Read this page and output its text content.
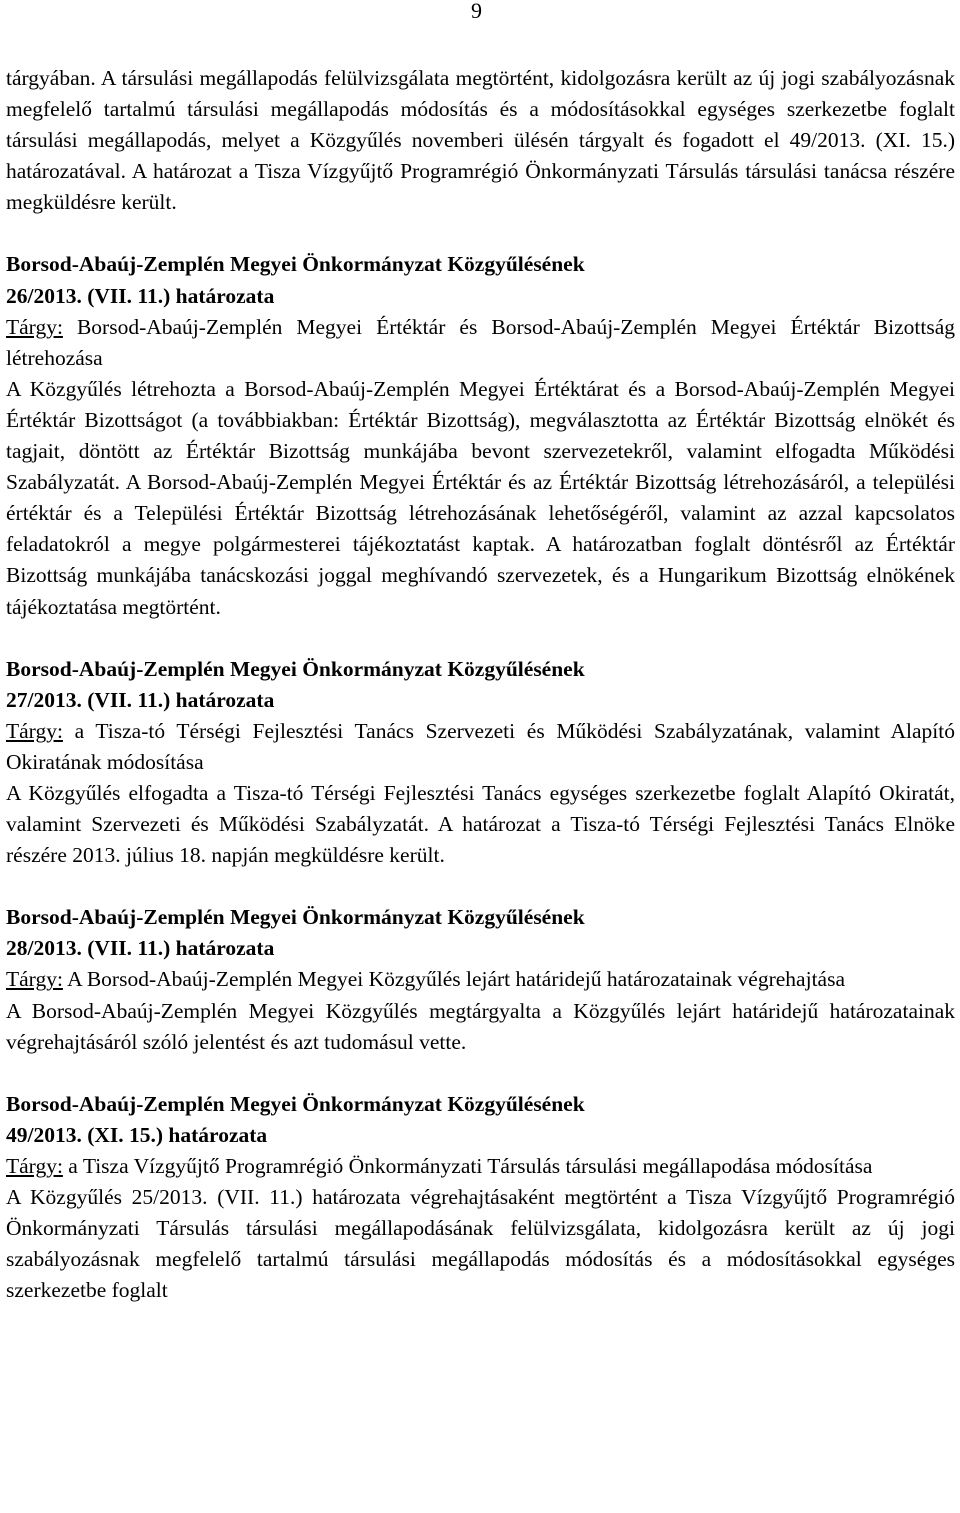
9

tárgyában. A társulási megállapodás felülvizsgálata megtörtént, kidolgozásra került az új jogi szabályozásnak megfelelő tartalmú társulási megállapodás módosítás és a módosításokkal egységes szerkezetbe foglalt társulási megállapodás, melyet a Közgyűlés novemberi ülésén tárgyalt és fogadott el 49/2013. (XI. 15.) határozatával. A határozat a Tisza Vízgyűjtő Programrégió Önkormányzati Társulás társulási tanácsa részére megküldésre került.

Borsod-Abaúj-Zemplén Megyei Önkormányzat Közgyűlésének

26/2013. (VII. 11.) határozata

Tárgy: Borsod-Abaúj-Zemplén Megyei Értéktár és Borsod-Abaúj-Zemplén Megyei Értéktár Bizottság létrehozása

A Közgyűlés létrehozta a Borsod-Abaúj-Zemplén Megyei Értéktárat és a Borsod-Abaúj-Zemplén Megyei Értéktár Bizottságot (a továbbiakban: Értéktár Bizottság), megválasztotta az Értéktár Bizottság elnökét és tagjait, döntött az Értéktár Bizottság munkájába bevont szervezetekről, valamint elfogadta Működési Szabályzatát. A Borsod-Abaúj-Zemplén Megyei Értéktár és az Értéktár Bizottság létrehozásáról, a települési értéktár és a Települési Értéktár Bizottság létrehozásának lehetőségéről, valamint az azzal kapcsolatos feladatokról a megye polgármesterei tájékoztatást kaptak. A határozatban foglalt döntésről az Értéktár Bizottság munkájába tanácskozási joggal meghívandó szervezetek, és a Hungarikum Bizottság elnökének tájékoztatása megtörtént.

Borsod-Abaúj-Zemplén Megyei Önkormányzat Közgyűlésének

27/2013. (VII. 11.) határozata

Tárgy: a Tisza-tó Térségi Fejlesztési Tanács Szervezeti és Működési Szabályzatának, valamint Alapító Okiratának módosítása

A Közgyűlés elfogadta a Tisza-tó Térségi Fejlesztési Tanács egységes szerkezetbe foglalt Alapító Okiratát, valamint Szervezeti és Működési Szabályzatát. A határozat a Tisza-tó Térségi Fejlesztési Tanács Elnöke részére 2013. július 18. napján megküldésre került.

Borsod-Abaúj-Zemplén Megyei Önkormányzat Közgyűlésének

28/2013. (VII. 11.) határozata

Tárgy: A Borsod-Abaúj-Zemplén Megyei Közgyűlés lejárt határidejű határozatainak végrehajtása

A Borsod-Abaúj-Zemplén Megyei Közgyűlés megtárgyalta a Közgyűlés lejárt határidejű határozatainak végrehajtásáról szóló jelentést és azt tudomásul vette.

Borsod-Abaúj-Zemplén Megyei Önkormányzat Közgyűlésének

49/2013. (XI. 15.) határozata

Tárgy: a Tisza Vízgyűjtő Programrégió Önkormányzati Társulás társulási megállapodása módosítása

A Közgyűlés 25/2013. (VII. 11.) határozata végrehajtásaként megtörtént a Tisza Vízgyűjtő Programrégió Önkormányzati Társulás társulási megállapodásának felülvizsgálata, kidolgozásra került az új jogi szabályozásnak megfelelő tartalmú társulási megállapodás módosítás és a módosításokkal egységes szerkezetbe foglalt
